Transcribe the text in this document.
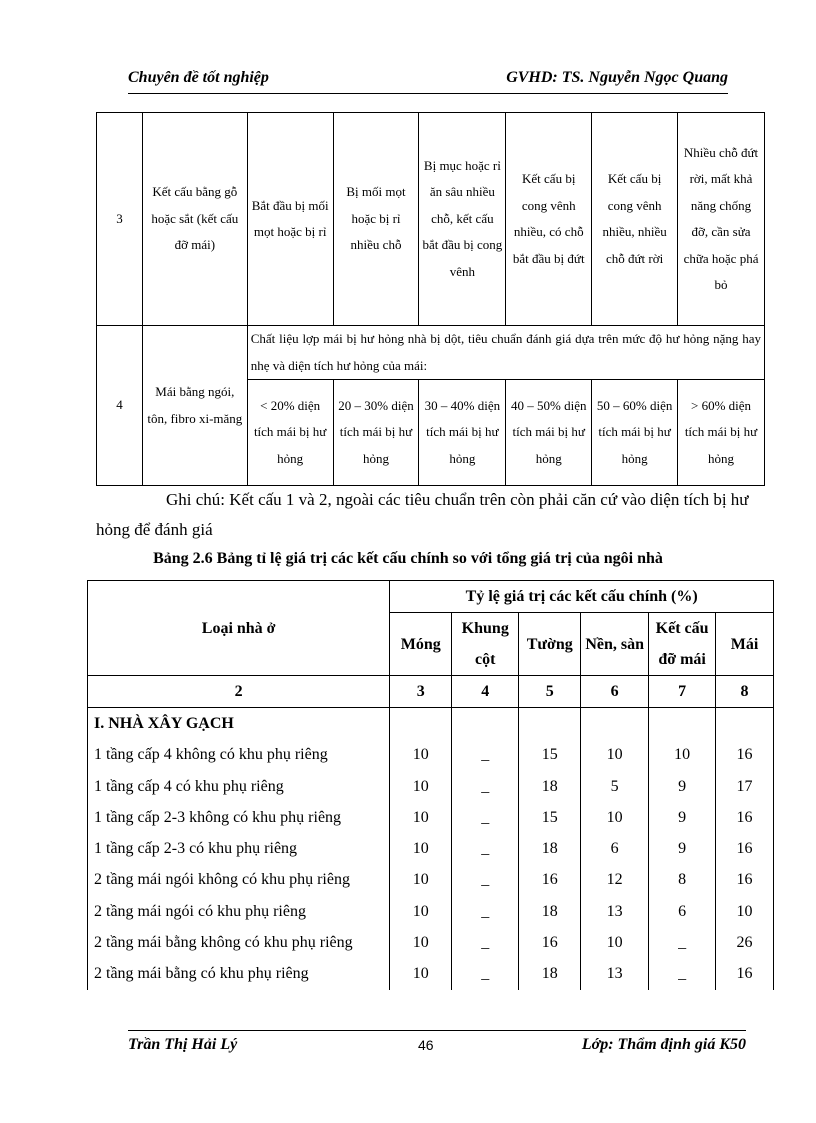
Chuyên đề tốt nghiệp	GVHD: TS. Nguyễn Ngọc Quang
3	Kết cấu bằng gỗ hoặc sắt (kết cấu đỡ mái)	Bắt đầu bị mối mọt hoặc bị rỉ	Bị mối mọt hoặc bị rỉ nhiều chỗ	Bị mục hoặc rỉ ăn sâu nhiều chỗ, kết cấu bắt đầu bị cong vênh	Kết cấu bị cong vênh nhiều, có chỗ bắt đầu bị đứt	Kết cấu bị cong vênh nhiều, nhiều chỗ đứt rời	Nhiều chỗ đứt rời, mất khả năng chống đỡ, cần sửa chữa hoặc phá bỏ
4	Mái bằng ngói, tôn, fibro xi-măng	Chất liệu lợp mái bị hư hỏng nhà bị dột, tiêu chuẩn đánh giá dựa trên mức độ hư hỏng nặng hay nhẹ và diện tích hư hỏng của mái:					
		< 20% diện tích mái bị hư hỏng	20 – 30% diện tích mái bị hư hỏng	30 – 40% diện tích mái bị hư hỏng	40 – 50% diện tích mái bị hư hỏng	50 – 60% diện tích mái bị hư hỏng	> 60% diện tích mái bị hư hỏng
Ghi chú: Kết cấu 1 và 2, ngoài các tiêu chuẩn trên còn phải căn cứ vào diện tích bị hư hỏng để đánh giá
Bảng 2.6 Bảng tỉ lệ giá trị các kết cấu chính so với tổng giá trị của ngôi nhà
Loại nhà ở	Tỷ lệ giá trị các kết cấu chính (%)					
	Móng	Khung cột	Tường	Nền, sàn	Kết cấu đỡ mái	Mái
2	3	4	5	6	7	8
I. NHÀ XÂY GẠCH						
1 tầng cấp 4 không có khu phụ riêng	10	_	15	10	10	16
1 tầng cấp 4 có khu phụ riêng	10	_	18	5	9	17
1 tầng cấp 2-3 không có khu phụ riêng	10	_	15	10	9	16
1 tầng cấp 2-3 có khu phụ riêng	10	_	18	6	9	16
2 tầng mái ngói không có khu phụ riêng	10	_	16	12	8	16
2 tầng mái ngói có khu phụ riêng	10	_	18	13	6	10
2 tầng mái bằng không có khu phụ riêng	10	_	16	10	_	26
2 tầng mái bằng có khu phụ riêng	10	_	18	13	_	16
Trần Thị Hải Lý	46	Lớp: Thẩm định giá K50
